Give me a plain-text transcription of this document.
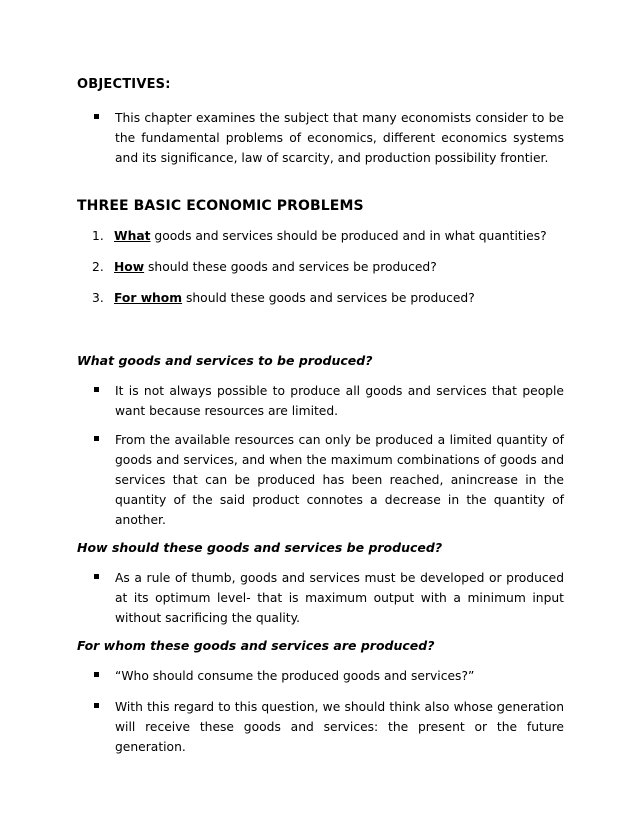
OBJECTIVES:
This chapter examines the subject that many economists consider to be the fundamental problems of economics, different economics systems and its significance, law of scarcity, and production possibility frontier.
THREE BASIC ECONOMIC PROBLEMS
1. What goods and services should be produced and in what quantities?
2. How should these goods and services be produced?
3. For whom should these goods and services be produced?
What goods and services to be produced?
It is not always possible to produce all goods and services that people want because resources are limited.
From the available resources can only be produced a limited quantity of goods and services, and when the maximum combinations of goods and services that can be produced has been reached, anincrease in the quantity of the said product connotes a decrease in the quantity of another.
How should these goods and services be produced?
As a rule of thumb, goods and services must be developed or produced at its optimum level- that is maximum output with a minimum input without sacrificing the quality.
For whom these goods and services are produced?
“Who should consume the produced goods and services?”
With this regard to this question, we should think also whose generation will receive these goods and services: the present or the future generation.
